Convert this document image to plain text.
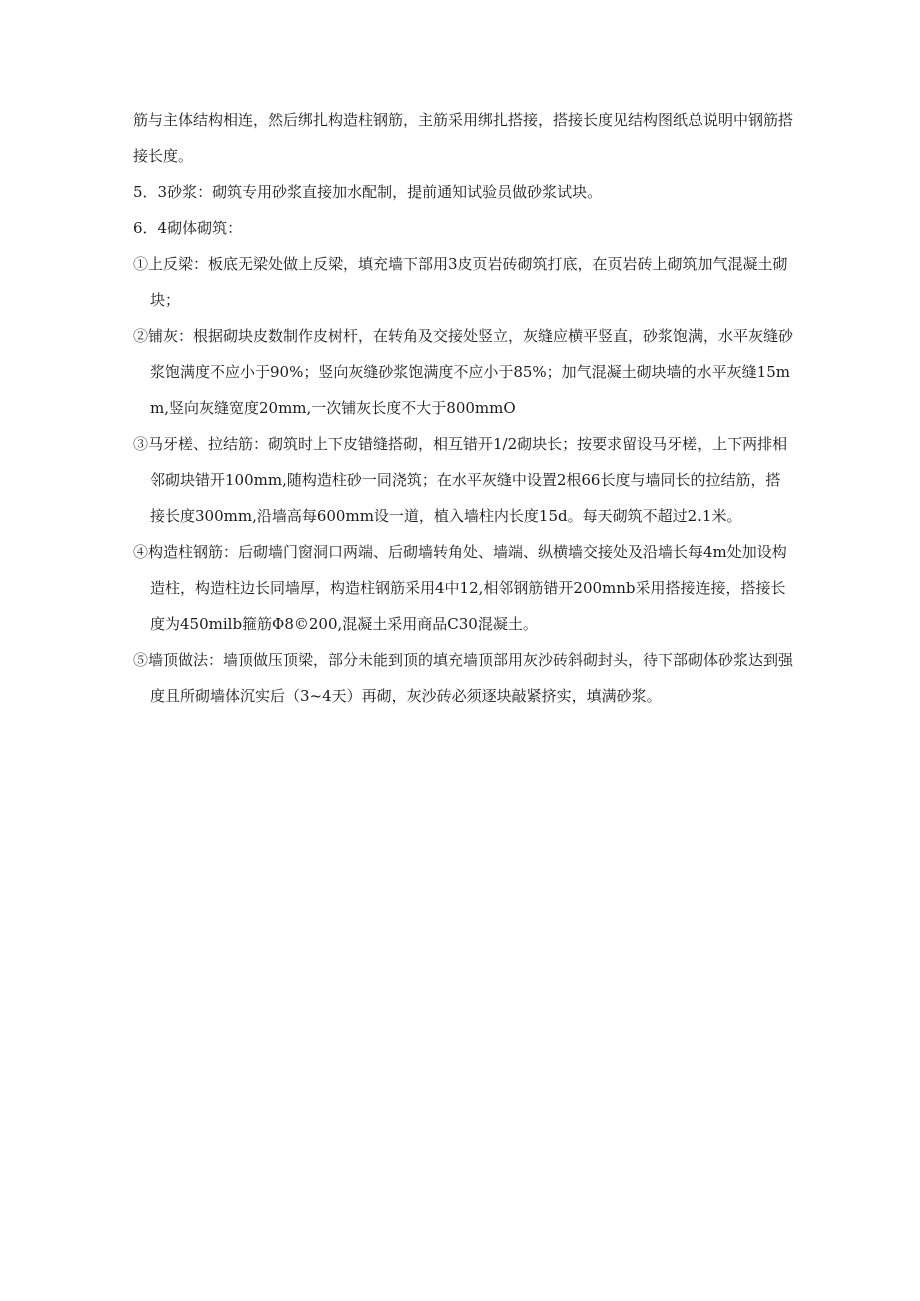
筋与主体结构相连，然后绑扎构造柱钢筋，主筋采用绑扎搭接，搭接长度见结构图纸总说明中钢筋搭接长度。

5．3砂浆：砌筑专用砂浆直接加水配制，提前通知试验员做砂浆试块。

6．4砌体砌筑：

①上反梁：板底无梁处做上反梁，填充墙下部用3皮页岩砖砌筑打底，在页岩砖上砌筑加气混凝土砌块；

②铺灰：根据砌块皮数制作皮树杆，在转角及交接处竖立，灰缝应横平竖直，砂浆饱满，水平灰缝砂浆饱满度不应小于90%；竖向灰缝砂浆饱满度不应小于85%；加气混凝土砌块墙的水平灰缝15mm,竖向灰缝宽度20mm,一次铺灰长度不大于800mmO

③马牙槎、拉结筋：砌筑时上下皮错缝搭砌，相互错开1/2砌块长；按要求留设马牙槎，上下两排相邻砌块错开100mm,随构造柱砂一同浇筑；在水平灰缝中设置2根66长度与墙同长的拉结筋，搭接长度300mm,沿墙高每600mm设一道，植入墙柱内长度15d。每天砌筑不超过2.1米。

④构造柱钢筋：后砌墙门窗洞口两端、后砌墙转角处、墙端、纵横墙交接处及沿墙长每4m处加设构造柱，构造柱边长同墙厚，构造柱钢筋采用4中12,相邻钢筋错开200mnb采用搭接连接，搭接长度为450milb箍筋Φ8©200,混凝土采用商品C30混凝土。

⑤墙顶做法：墙顶做压顶梁，部分未能到顶的填充墙顶部用灰沙砖斜砌封头，待下部砌体砂浆达到强度且所砌墙体沉实后（3~4天）再砌，灰沙砖必须逐块敲紧挤实，填满砂浆。
